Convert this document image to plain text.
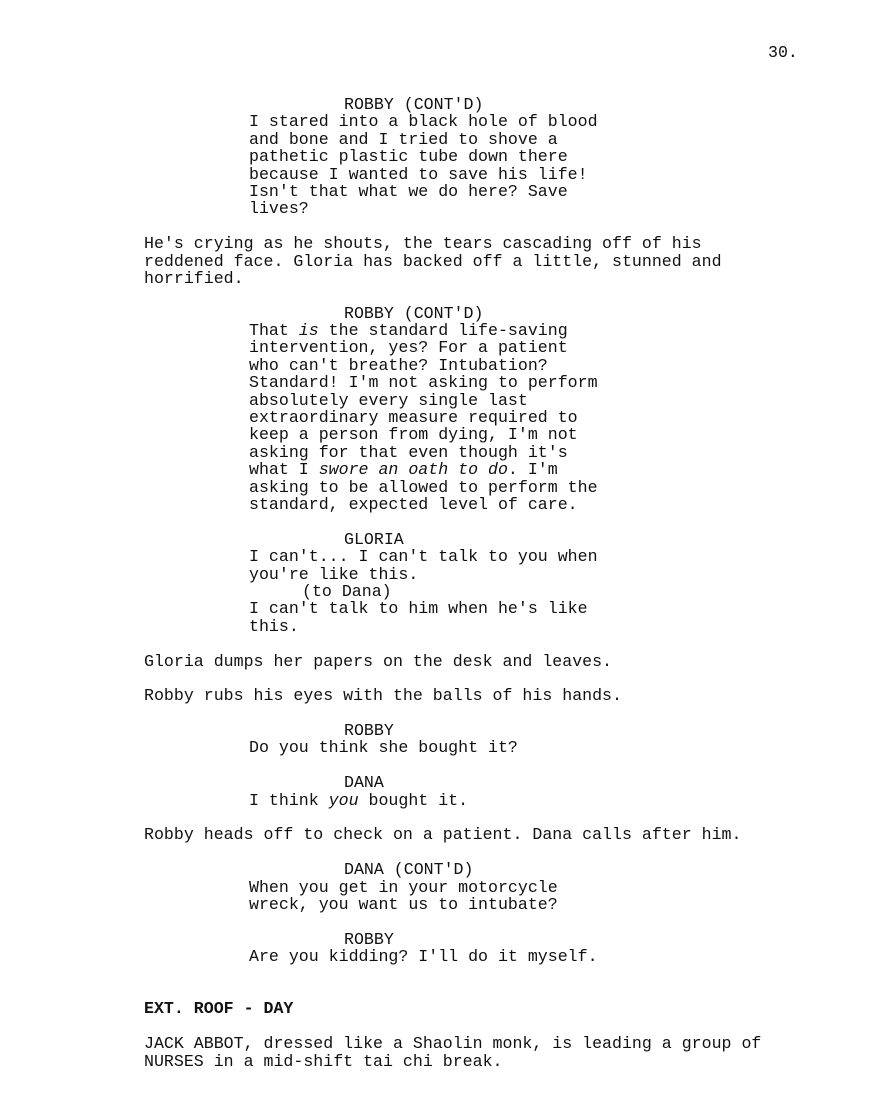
30.
ROBBY (CONT'D)
I stared into a black hole of blood
and bone and I tried to shove a
pathetic plastic tube down there
because I wanted to save his life!
Isn't that what we do here? Save
lives?
He's crying as he shouts, the tears cascading off of his
reddened face. Gloria has backed off a little, stunned and
horrified.
ROBBY (CONT'D)
That is the standard life-saving
intervention, yes? For a patient
who can't breathe? Intubation?
Standard! I'm not asking to perform
absolutely every single last
extraordinary measure required to
keep a person from dying, I'm not
asking for that even though it's
what I swore an oath to do. I'm
asking to be allowed to perform the
standard, expected level of care.
GLORIA
I can't... I can't talk to you when
you're like this.
(to Dana)
I can't talk to him when he's like
this.
Gloria dumps her papers on the desk and leaves.
Robby rubs his eyes with the balls of his hands.
ROBBY
Do you think she bought it?
DANA
I think you bought it.
Robby heads off to check on a patient. Dana calls after him.
DANA (CONT'D)
When you get in your motorcycle
wreck, you want us to intubate?
ROBBY
Are you kidding? I'll do it myself.
EXT. ROOF - DAY
JACK ABBOT, dressed like a Shaolin monk, is leading a group of
NURSES in a mid-shift tai chi break.
